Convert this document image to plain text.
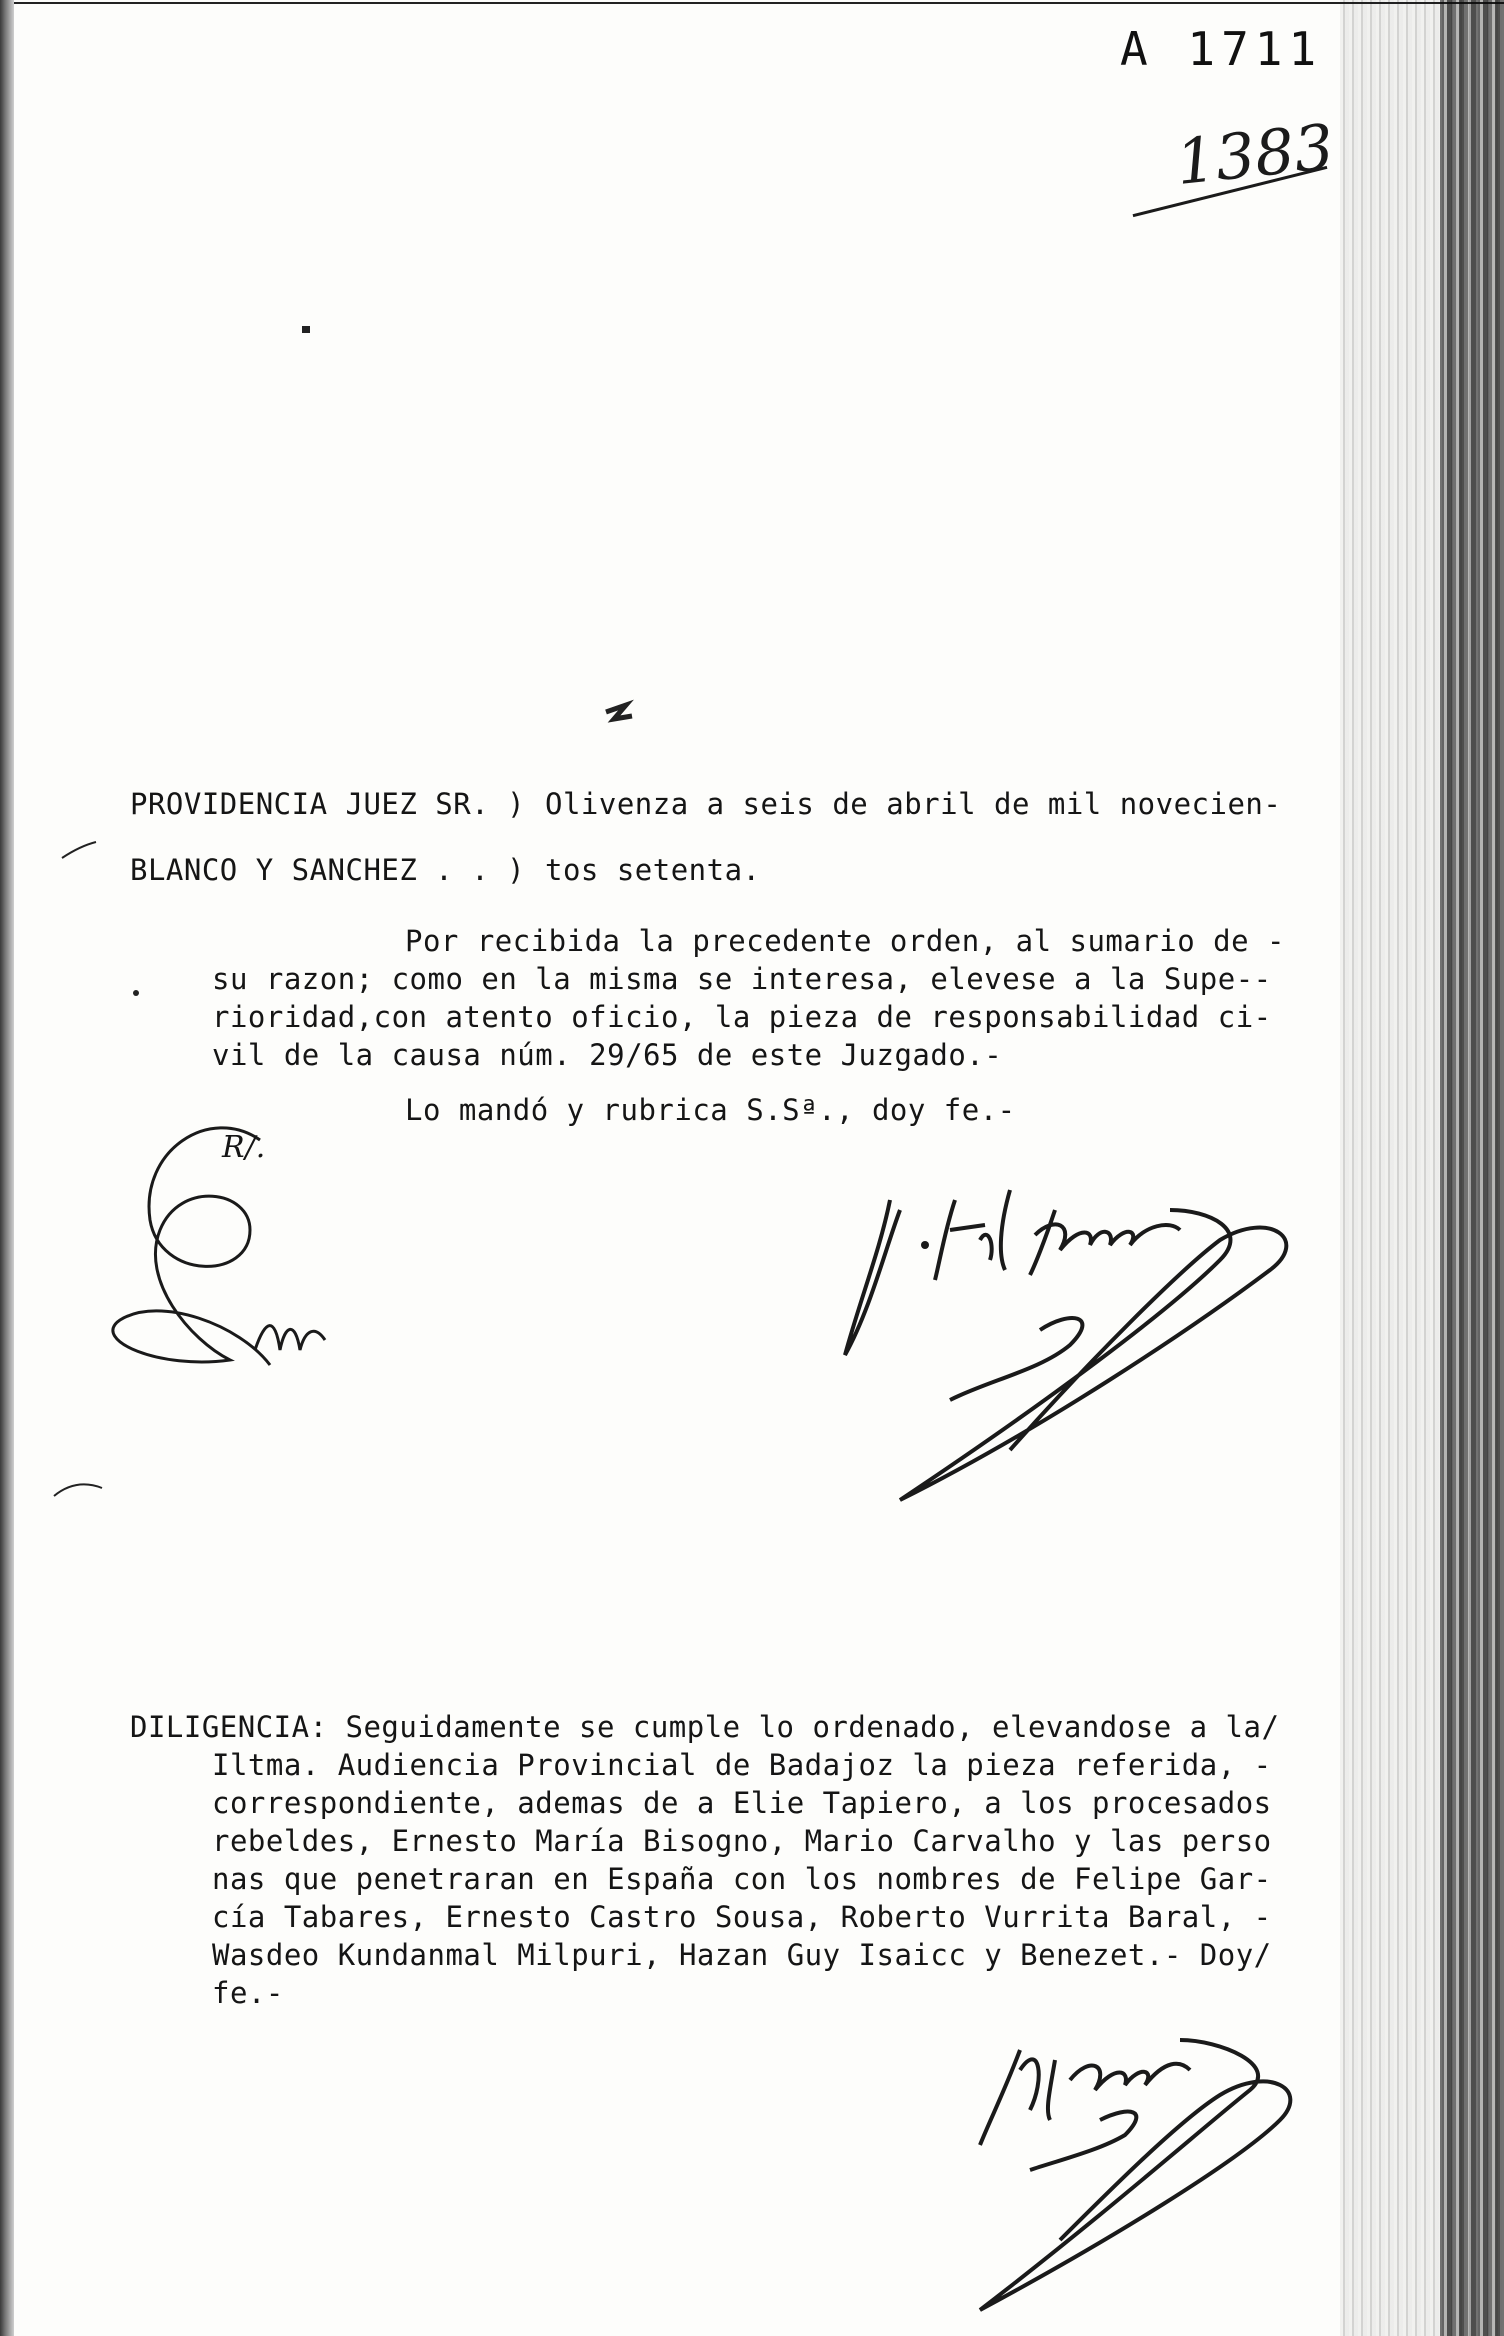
A 1711
1383
PROVIDENCIA JUEZ SR. ) Olivenza a seis de abril de mil novecien-
BLANCO Y SANCHEZ . . ) tos setenta.
Por recibida la precedente orden, al sumario de -
su razon; como en la misma se interesa, elevese a la Supe--
rioridad,con atento oficio, la pieza de responsabilidad ci-
vil de la causa núm. 29/65 de este Juzgado.-
Lo mandó y rubrica S.Sª., doy fe.-
R/.
DILIGENCIA: Seguidamente se cumple lo ordenado, elevandose a la/
Iltma. Audiencia Provincial de Badajoz la pieza referida, -
correspondiente, ademas de a Elie Tapiero, a los procesados
rebeldes, Ernesto María Bisogno, Mario Carvalho y las perso
nas que penetraran en España con los nombres de Felipe Gar-
cía Tabares, Ernesto Castro Sousa, Roberto Vurrita Baral, -
Wasdeo Kundanmal Milpuri, Hazan Guy Isaicc y Benezet.- Doy/
fe.-
